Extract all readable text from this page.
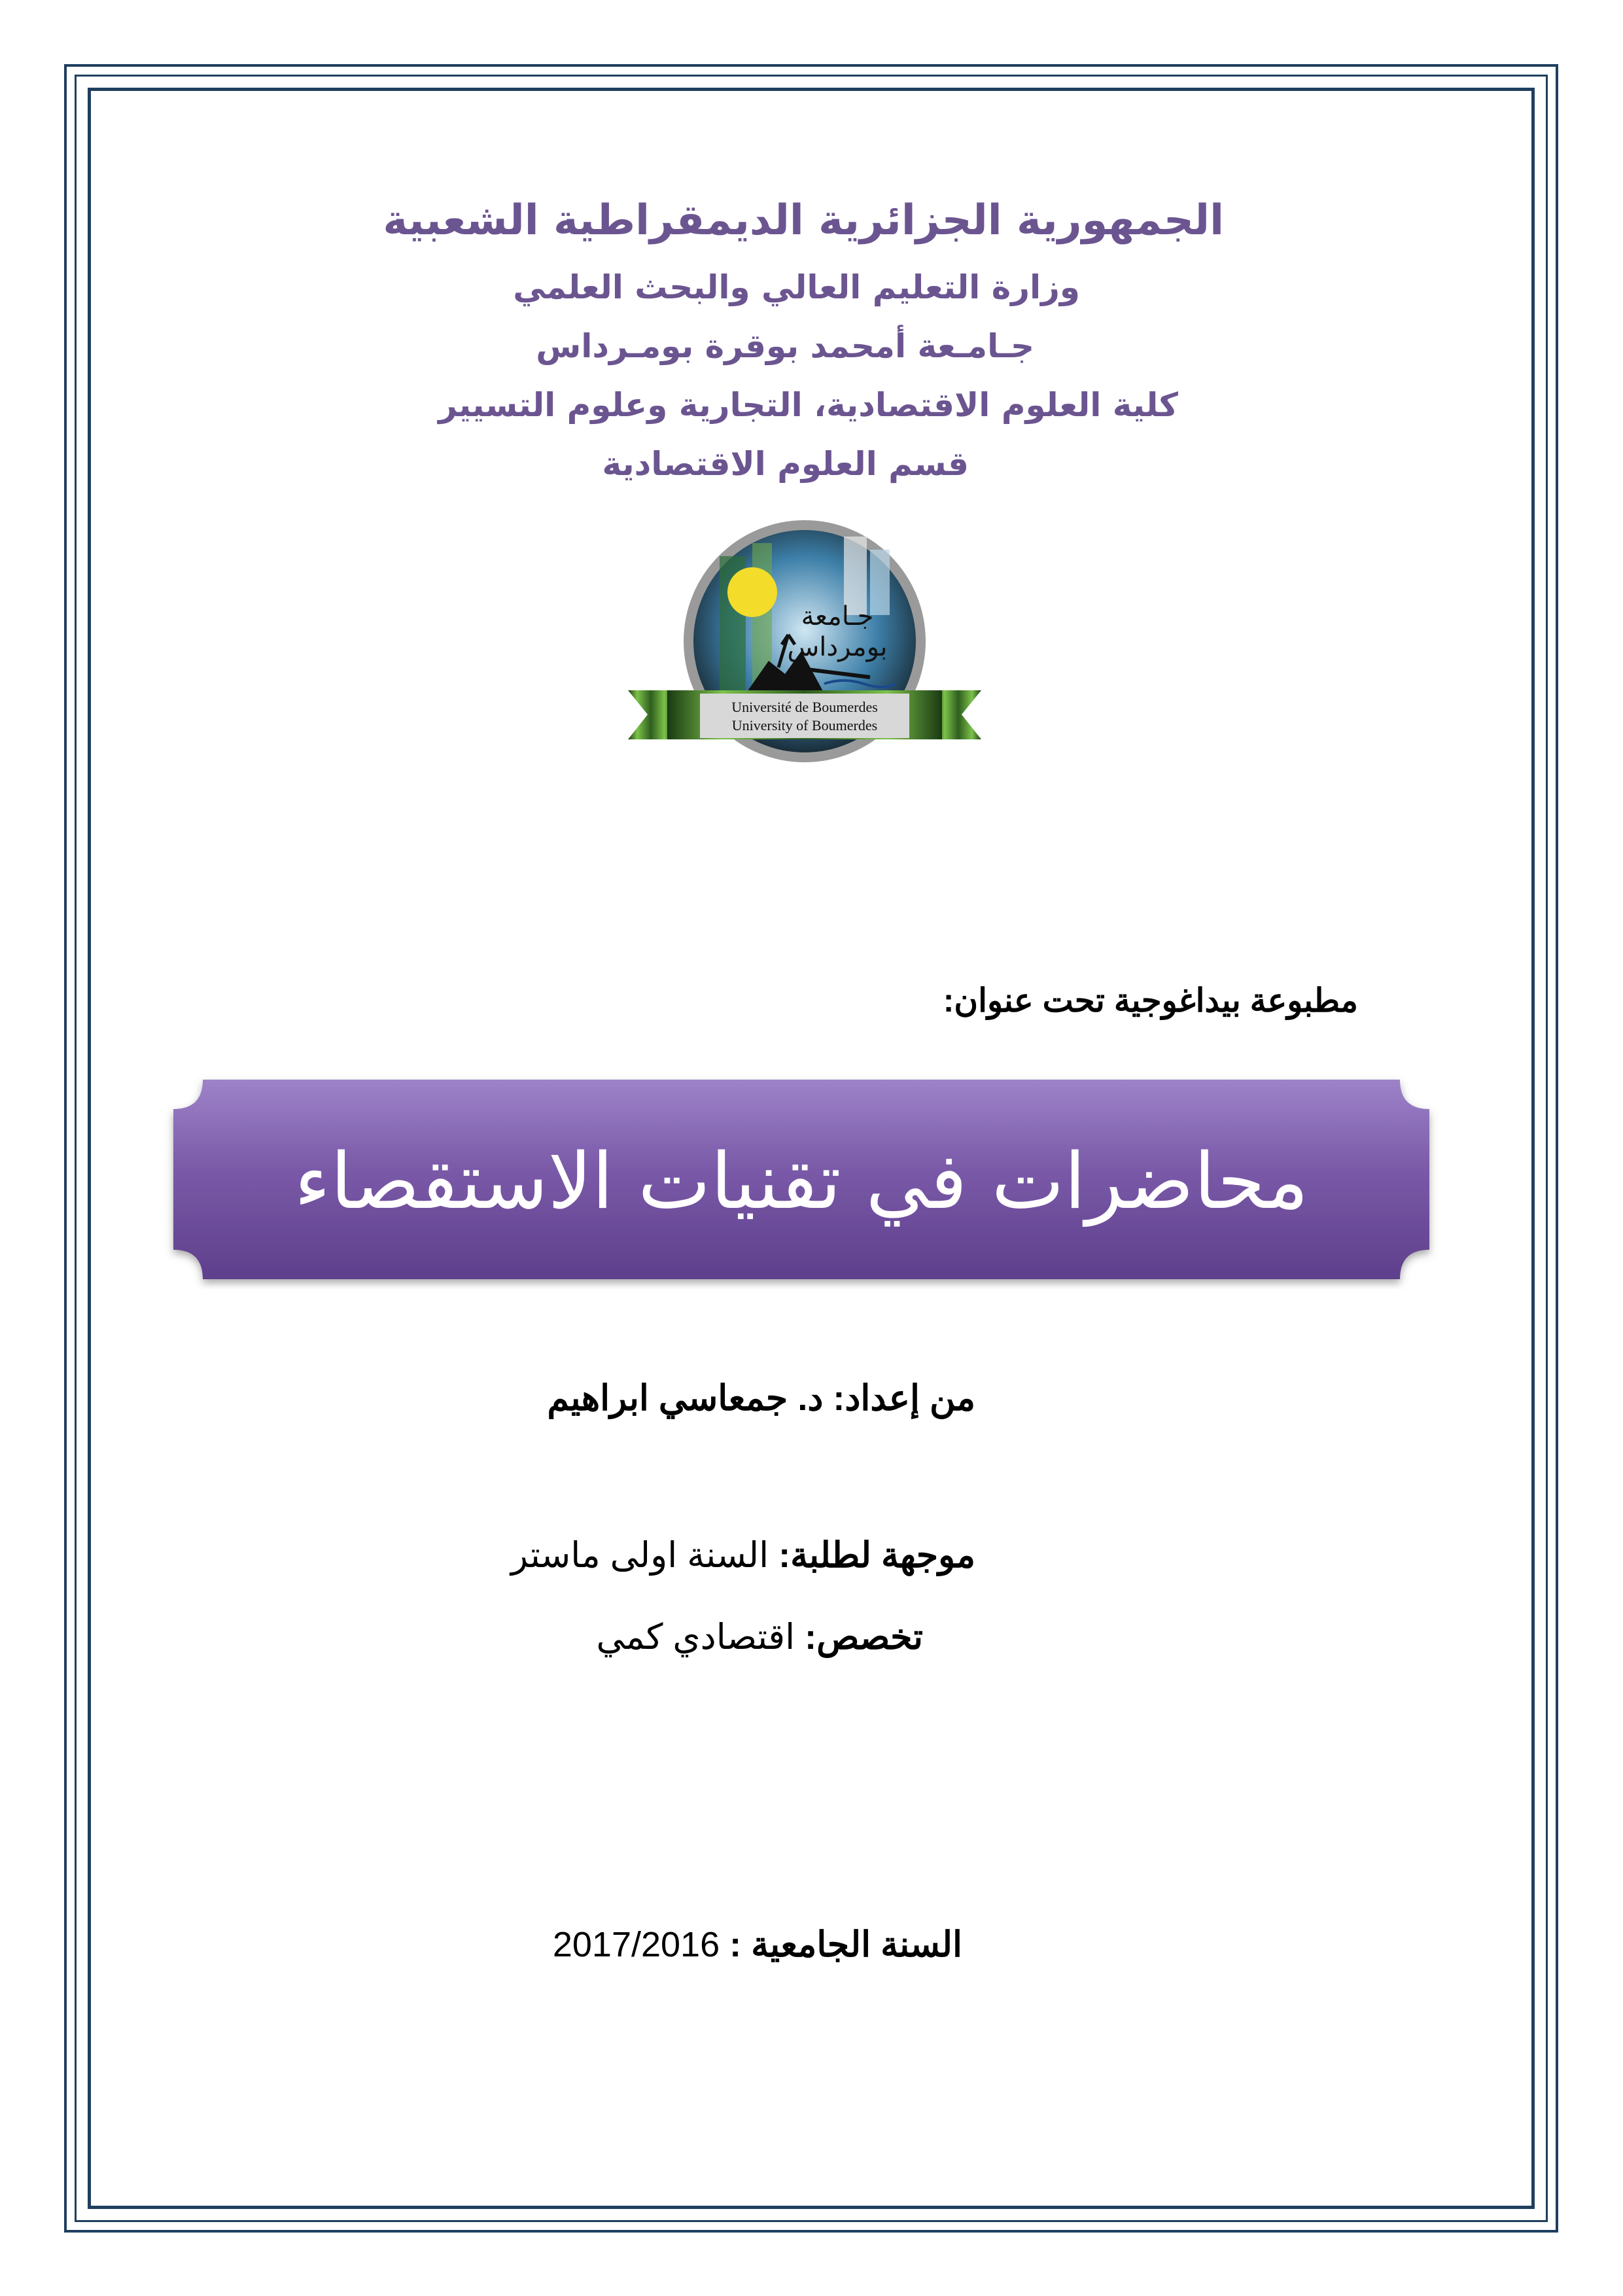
الجمهورية الجزائرية الديمقراطية الشعبية
وزارة التعليم العالي والبحث العلمي
جـامـعة أمحمد بوقرة بومـرداس
كلية العلوم الاقتصادية، التجارية وعلوم التسيير
قسم العلوم الاقتصادية
جـامعة
بومرداس
Université de Boumerdes
University of Boumerdes
مطبوعة بيداغوجية تحت عنوان:
محاضرات في تقنيات الاستقصاء
من إعداد: د. جمعاسي ابراهيم
موجهة لطلبة: السنة اولى ماستر
تخصص: اقتصادي كمي
السنة الجامعية : 2017/2016
